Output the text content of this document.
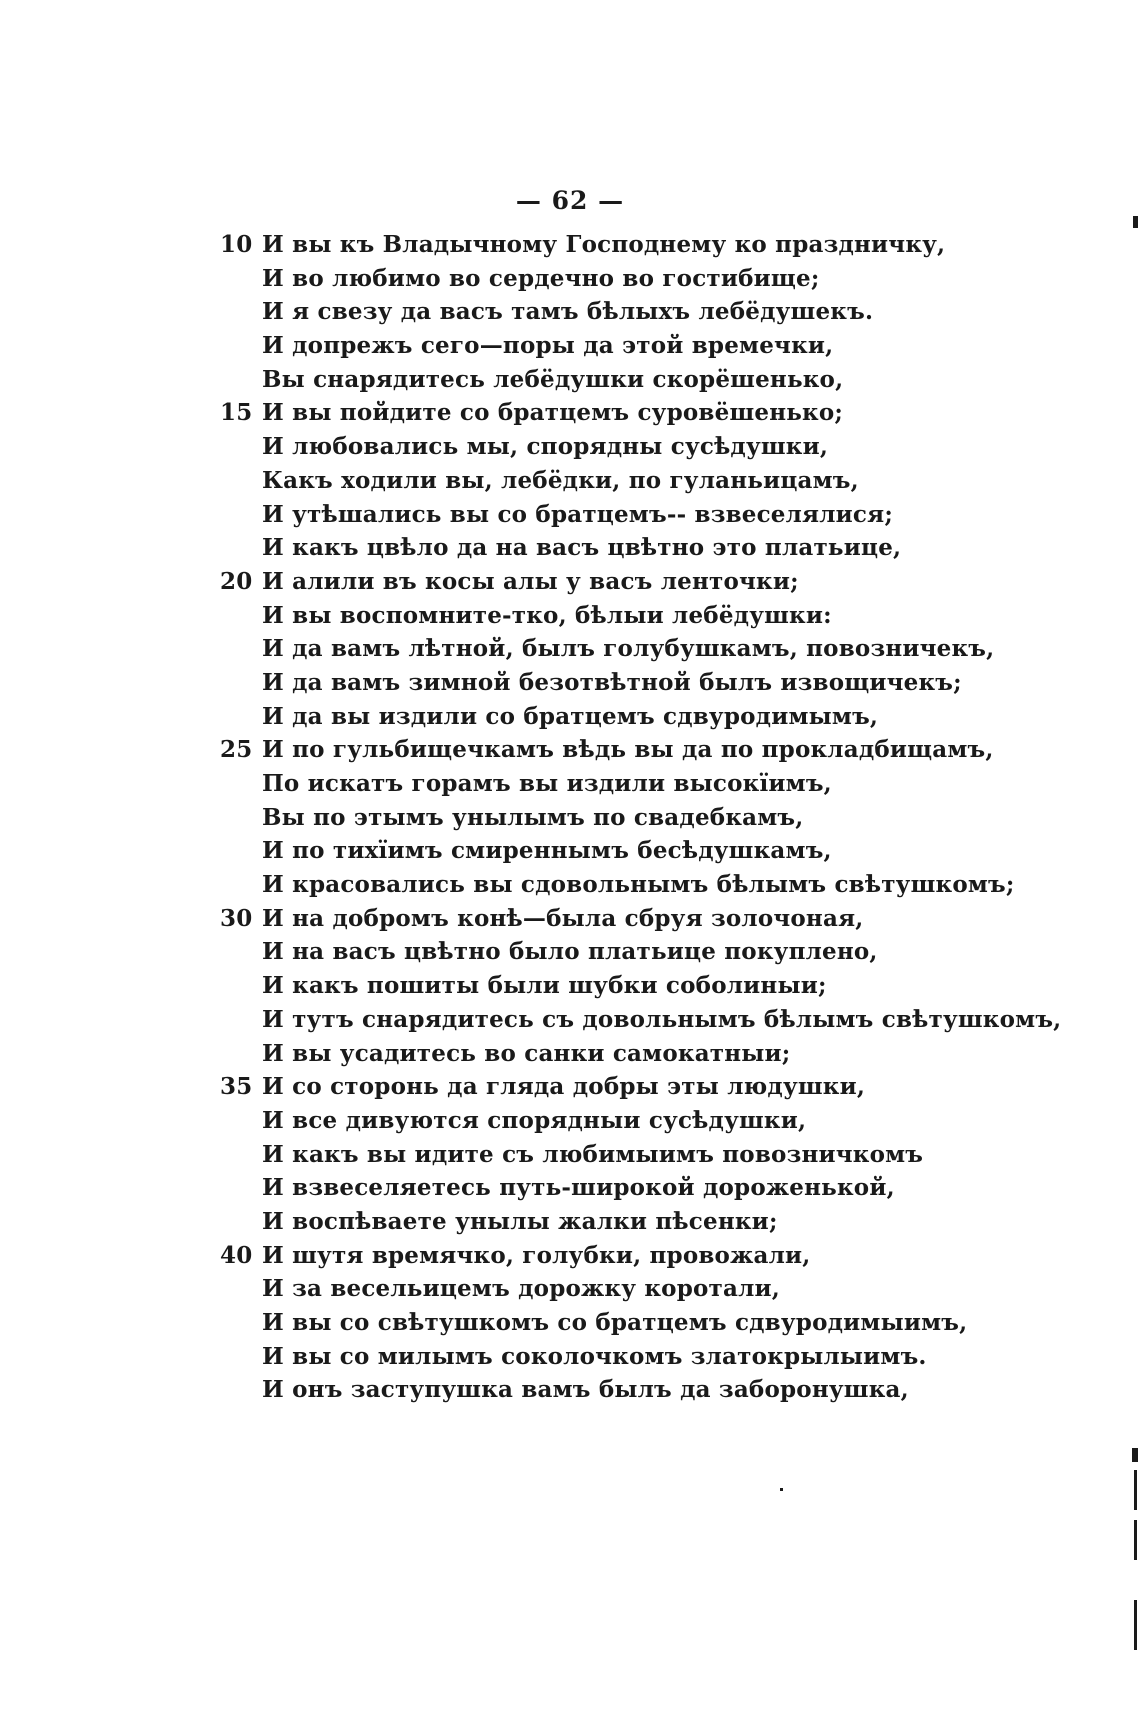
— 62 —
10 И вы къ Владычному Господнему ко праздничку,
И во любимо во сердечно во гостибище;
И я свезу да васъ тамъ бѣлыхъ лебёдушекъ.
И допрежъ сего—поры да этой времечки,
Вы снарядитесь лебёдушки скорёшенько,
15 И вы пойдите со братцемъ суровёшенько;
И любовались мы, спорядны сусѣдушки,
Какъ ходили вы, лебёдки, по гуланьицамъ,
И утѣшались вы со братцемъ-- взвеселялися;
И какъ цвѣло да на васъ цвѣтно это платьице,
20 И алили въ косы алы у васъ ленточки;
И вы воспомните-тко, бѣлыи лебёдушки:
И да вамъ лѣтной, былъ голубушкамъ, повозничекъ,
И да вамъ зимной безотвѣтной былъ извощичекъ;
И да вы издили со братцемъ сдвуродимымъ,
25 И по гульбищечкамъ вѣдь вы да по прокладбищамъ,
По искатъ горамъ вы издили высокїимъ,
Вы по этымъ унылымъ по свадебкамъ,
И по тихїимъ смиреннымъ бесѣдушкамъ,
И красовались вы сдовольнымъ бѣлымъ свѣтушкомъ;
30 И на добромъ конѣ—была сбруя золочоная,
И на васъ цвѣтно было платьице покуплено,
И какъ пошиты были шубки соболиныи;
И тутъ снарядитесь съ довольнымъ бѣлымъ свѣтушкомъ,
И вы усадитесь во санки самокатныи;
35 И со сторонь да гляда добры эты людушки,
И все дивуются спорядныи сусѣдушки,
И какъ вы идите съ любимыимъ повозничкомъ
И взвеселяетесь путь-широкой дороженькой,
И воспѣваете унылы жалки пѣсенки;
40 И шутя времячко, голубки, провожали,
И за весельицемъ дорожку коротали,
И вы со свѣтушкомъ со братцемъ сдвуродимыимъ,
И вы со милымъ соколочкомъ златокрылыимъ.
И онъ заступушка вамъ былъ да заборонушка,
